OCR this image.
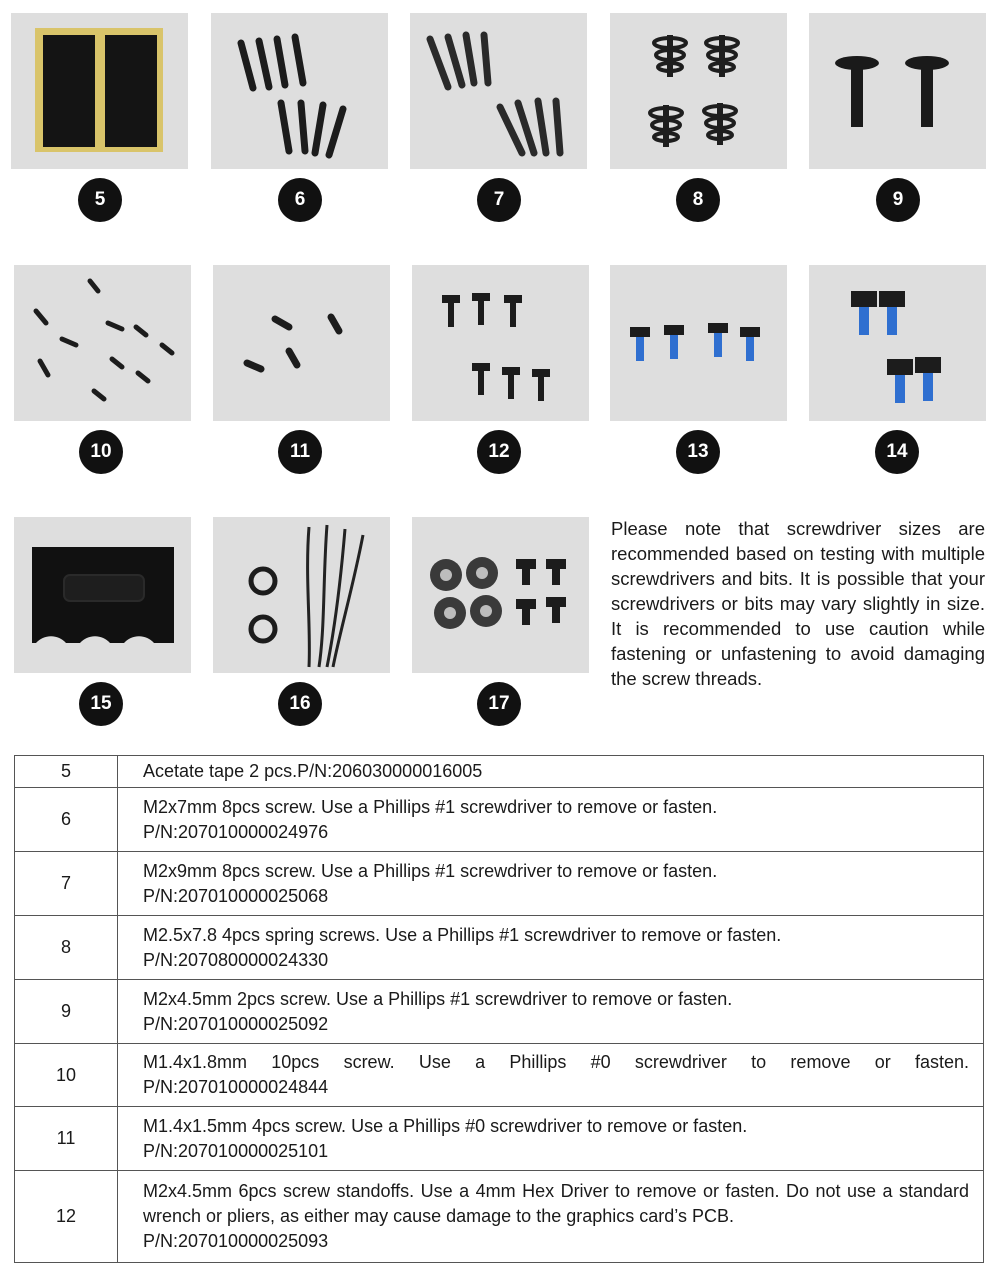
5	6	7	8	9
10	11	12	13	14
15	16	17
Please note that screwdriver sizes are recommended based on testing with multiple screwdrivers and bits. It is possible that your screwdrivers or bits may vary slightly in size. It is recommended to use caution while fastening or unfastening to avoid damaging the screw threads.
5	Acetate tape 2 pcs.P/N:206030000016005

6	M2x7mm 8pcs screw. Use a Phillips #1 screwdriver to remove or fasten.
P/N:207010000024976

7	M2x9mm 8pcs screw. Use a Phillips #1 screwdriver to remove or fasten.
P/N:207010000025068

8	M2.5x7.8 4pcs spring screws. Use a Phillips #1 screwdriver to remove or fasten.
P/N:207080000024330

9	M2x4.5mm 2pcs screw. Use a Phillips #1 screwdriver to remove or fasten.
P/N:207010000025092

10	M1.4x1.8mm 10pcs screw. Use a Phillips #0 screwdriver to remove or fasten.
P/N:207010000024844

11	M1.4x1.5mm 4pcs screw. Use a Phillips #0 screwdriver to remove or fasten.
P/N:207010000025101

12	M2x4.5mm 6pcs screw standoffs. Use a 4mm Hex Driver to remove or fasten. Do not use a standard wrench or pliers, as either may cause damage to the graphics card’s PCB.
P/N:207010000025093
